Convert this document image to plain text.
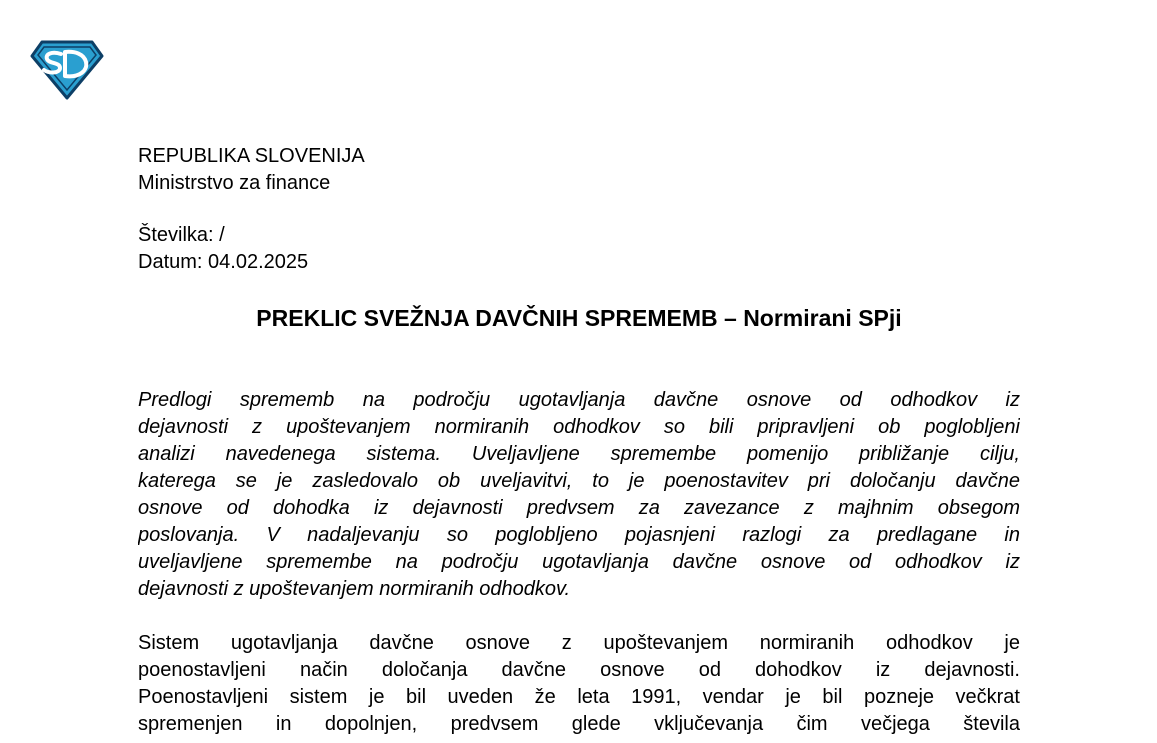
SD
REPUBLIKA SLOVENIJA
Ministrstvo za finance
Številka: /
Datum: 04.02.2025
PREKLIC SVEŽNJA DAVČNIH SPREMEMB – Normirani SPji
Predlogi sprememb na področju ugotavljanja davčne osnove od odhodkov iz
dejavnosti z upoštevanjem normiranih odhodkov so bili pripravljeni ob poglobljeni
analizi navedenega sistema. Uveljavljene spremembe pomenijo približanje cilju,
katerega se je zasledovalo ob uveljavitvi, to je poenostavitev pri določanju davčne
osnove od dohodka iz dejavnosti predvsem za zavezance z majhnim obsegom
poslovanja. V nadaljevanju so poglobljeno pojasnjeni razlogi za predlagane in
uveljavljene spremembe na področju ugotavljanja davčne osnove od odhodkov iz
dejavnosti z upoštevanjem normiranih odhodkov.
Sistem ugotavljanja davčne osnove z upoštevanjem normiranih odhodkov je
poenostavljeni način določanja davčne osnove od dohodkov iz dejavnosti.
Poenostavljeni sistem je bil uveden že leta 1991, vendar je bil pozneje večkrat
spremenjen in dopolnjen, predvsem glede vključevanja čim večjega števila
